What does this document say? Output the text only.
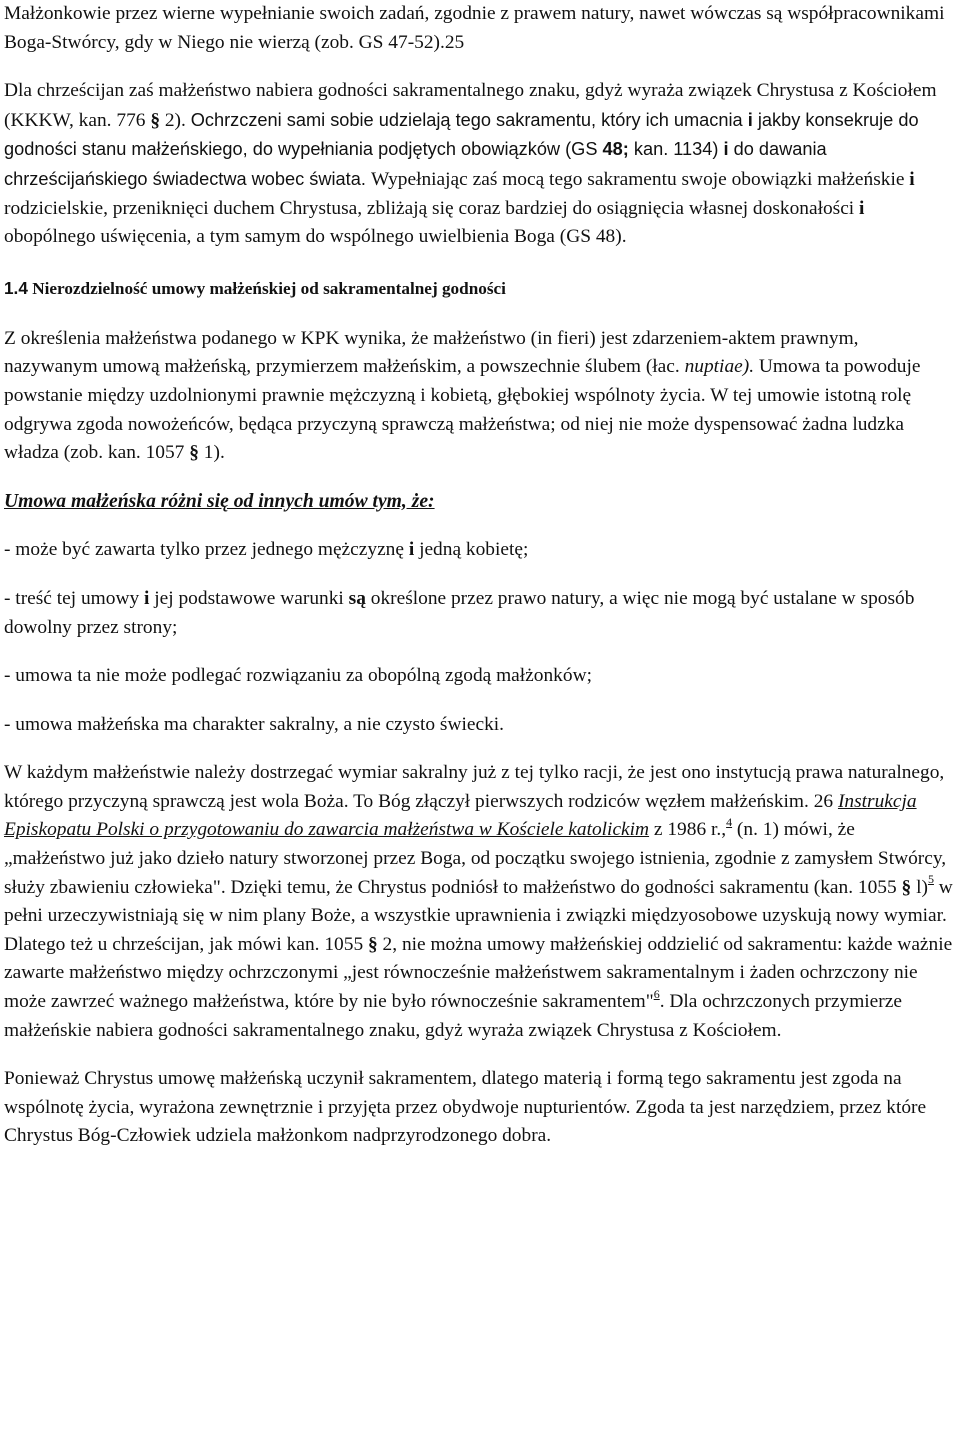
Małżonkowie przez wierne wypełnianie swoich zadań, zgodnie z prawem natury, nawet wówczas są współpracownikami Boga-Stwórcy, gdy w Niego nie wierzą (zob. GS 47-52).25

Dla chrześcijan zaś małżeństwo nabiera godności sakramentalnego znaku, gdyż wyraża związek Chrystusa z Kościołem (KKKW, kan. 776 § 2). Ochrzczeni sami sobie udzielają tego sakramentu, który ich umacnia i jakby konsekruje do godności stanu małżeńskiego, do wypełniania podjętych obowiązków (GS 48; kan. 1134) i do dawania chrześcijańskiego świadectwa wobec świata. Wypełniając zaś mocą tego sakramentu swoje obowiązki małżeńskie i rodzicielskie, przeniknięci duchem Chrystusa, zbliżają się coraz bardziej do osiągnięcia własnej doskonałości i obopólnego uświęcenia, a tym samym do wspólnego uwielbienia Boga (GS 48).

1.4 Nierozdzielność umowy małżeńskiej od sakramentalnej godności

Z określenia małżeństwa podanego w KPK wynika, że małżeństwo (in fieri) jest zdarzeniem-aktem prawnym, nazywanym umową małżeńską, przymierzem małżeńskim, a powszechnie ślubem (łac. nuptiae). Umowa ta powoduje powstanie między uzdolnionymi prawnie mężczyzną i kobietą, głębokiej wspólnoty życia. W tej umowie istotną rolę odgrywa zgoda nowożeńców, będąca przyczyną sprawczą małżeństwa; od niej nie może dyspensować żadna ludzka władza (zob. kan. 1057 § 1).

Umowa małżeńska różni się od innych umów tym, że:

- może być zawarta tylko przez jednego mężczyznę i jedną kobietę;

- treść tej umowy i jej podstawowe warunki są określone przez prawo natury, a więc nie mogą być ustalane w sposób dowolny przez strony;

- umowa ta nie może podlegać rozwiązaniu za obopólną zgodą małżonków;

- umowa małżeńska ma charakter sakralny, a nie czysto świecki.

W każdym małżeństwie należy dostrzegać wymiar sakralny już z tej tylko racji, że jest ono instytucją prawa naturalnego, którego przyczyną sprawczą jest wola Boża. To Bóg złączył pierwszych rodziców węzłem małżeńskim. 26 Instrukcja Episkopatu Polski o przygotowaniu do zawarcia małżeństwa w Kościele katolickim z 1986 r.,$^4$ (n. 1) mówi, że „małżeństwo już jako dzieło natury stworzonej przez Boga, od początku swojego istnienia, zgodnie z zamysłem Stwórcy, służy zbawieniu człowieka". Dzięki temu, że Chrystus podniósł to małżeństwo do godności sakramentu (kan. 1055 § l)$^5$ w pełni urzeczywistniają się w nim plany Boże, a wszystkie uprawnienia i związki międzyosobowe uzyskują nowy wymiar. Dlatego też u chrześcijan, jak mówi kan. 1055 § 2, nie można umowy małżeńskiej oddzielić od sakramentu: każde ważnie zawarte małżeństwo między ochrzczonymi „jest równocześnie małżeństwem sakramentalnym i żaden ochrzczony nie może zawrzeć ważnego małżeństwa, które by nie było równocześnie sakramentem"$^6$. Dla ochrzczonych przymierze małżeńskie nabiera godności sakramentalnego znaku, gdyż wyraża związek Chrystusa z Kościołem.

Ponieważ Chrystus umowę małżeńską uczynił sakramentem, dlatego materią i formą tego sakramentu jest zgoda na wspólnotę życia, wyrażona zewnętrznie i przyjęta przez obydwoje nupturientów. Zgoda ta jest narzędziem, przez które Chrystus Bóg-Człowiek udziela małżonkom nadprzyrodzonego dobra.
